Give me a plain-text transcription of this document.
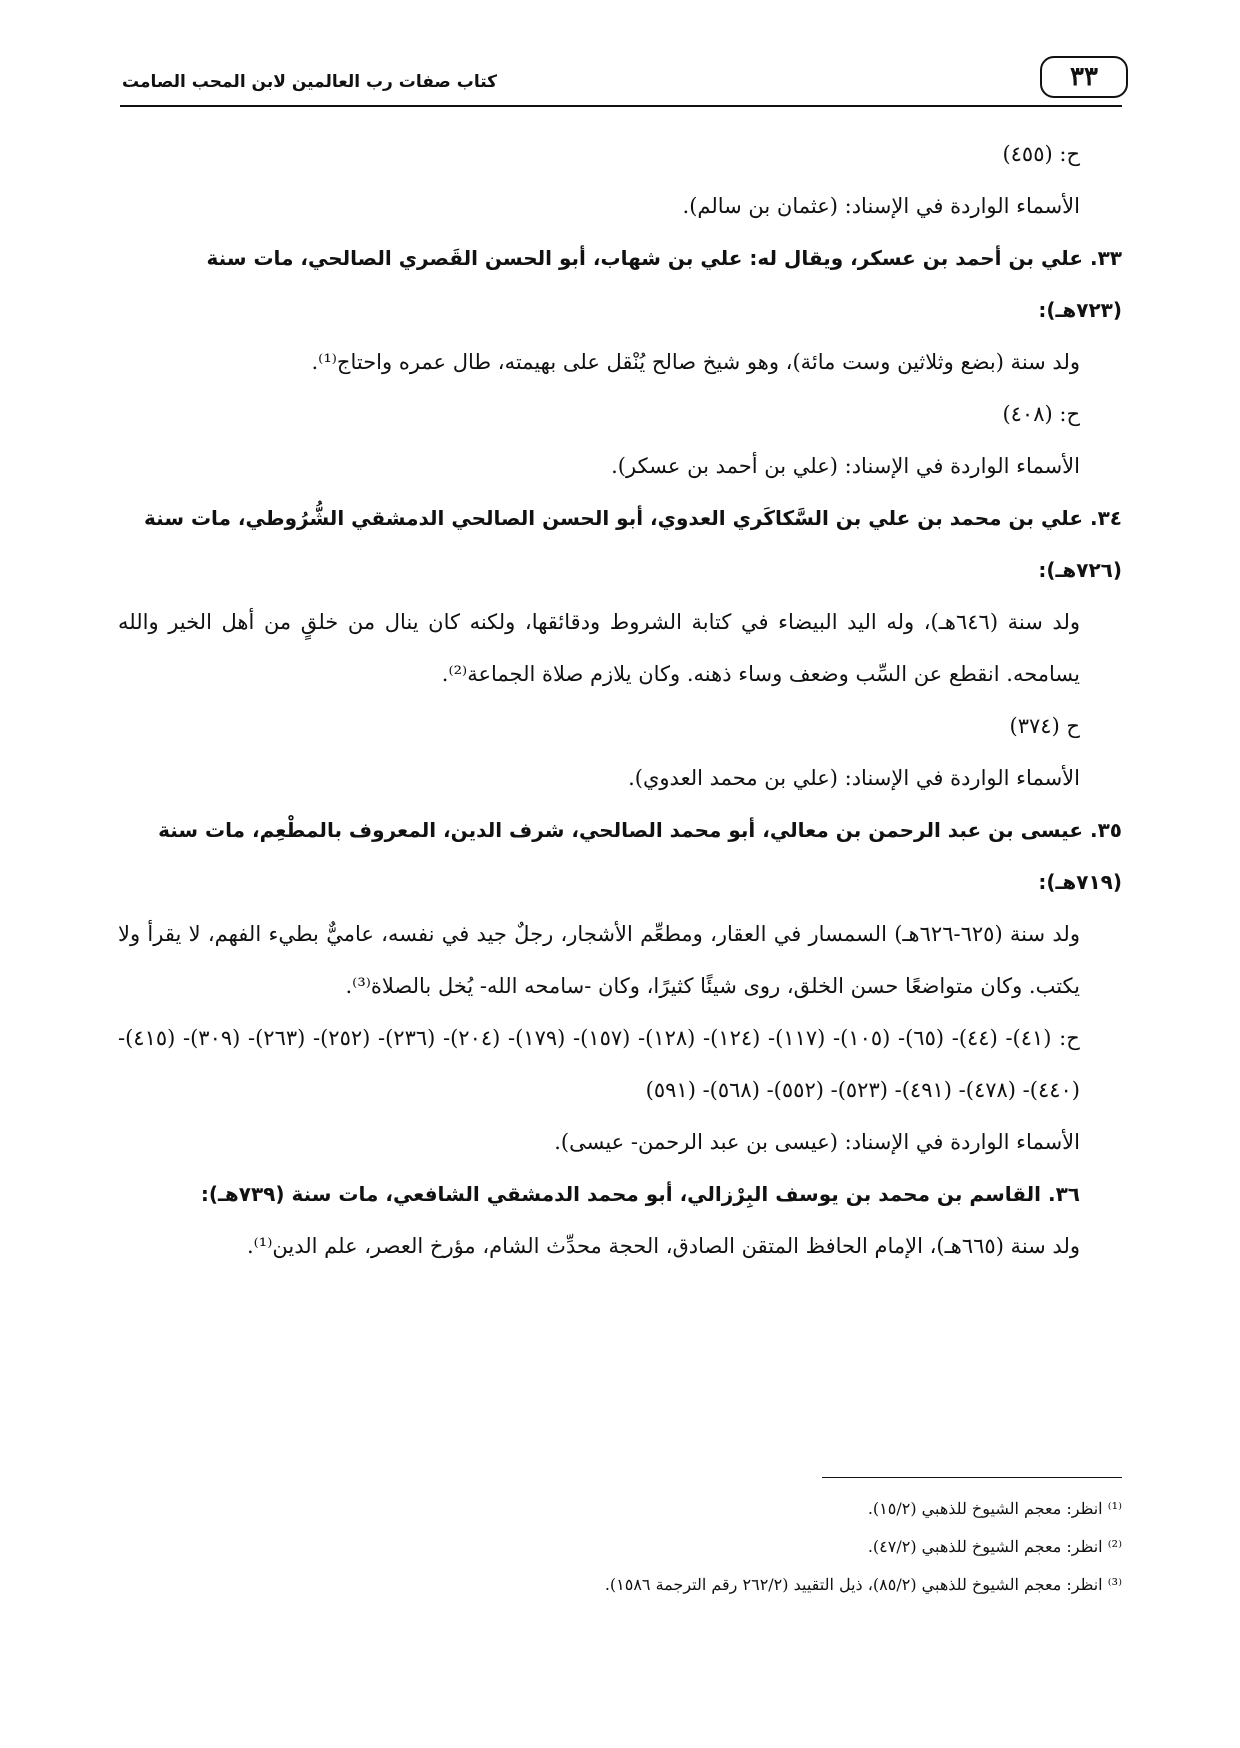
٣٣
كتاب صفات رب العالمين لابن المحب الصامت

ح: (٤٥٥)

الأسماء الواردة في الإسناد: (عثمان بن سالم).

٣٣. علي بن أحمد بن عسكر، ويقال له: علي بن شهاب، أبو الحسن القَصري الصالحي، مات سنة (٧٢٣هـ):

ولد سنة (بضع وثلاثين وست مائة)، وهو شيخ صالح يُنْقل على بهيمته، طال عمره واحتاج⁽¹⁾.

ح: (٤٠٨)

الأسماء الواردة في الإسناد: (علي بن أحمد بن عسكر).

٣٤. علي بن محمد بن علي بن السَّكاكَري العدوي، أبو الحسن الصالحي الدمشقي الشُّرُوطي، مات سنة (٧٢٦هـ):

ولد سنة (٦٤٦هـ)، وله اليد البيضاء في كتابة الشروط ودقائقها، ولكنه كان ينال من خلقٍ من أهل الخير والله يسامحه. انقطع عن السِّب وضعف وساء ذهنه. وكان يلازم صلاة الجماعة⁽²⁾.

ح (٣٧٤)

الأسماء الواردة في الإسناد: (علي بن محمد العدوي).

٣٥. عيسى بن عبد الرحمن بن معالي، أبو محمد الصالحي، شرف الدين، المعروف بالمطْعِم، مات سنة (٧١٩هـ):

ولد سنة (٦٢٥-٦٢٦هـ) السمسار في العقار، ومطعِّم الأشجار، رجلٌ جيد في نفسه، عاميٌّ بطيء الفهم، لا يقرأ ولا يكتب. وكان متواضعًا حسن الخلق، روى شيئًا كثيرًا، وكان -سامحه الله- يُخل بالصلاة⁽³⁾.

ح: (٤١)- (٤٤)- (٦٥)- (١٠٥)- (١١٧)- (١٢٤)- (١٢٨)- (١٥٧)- (١٧٩)- (٢٠٤)- (٢٣٦)- (٢٥٢)- (٢٦٣)- (٣٠٩)- (٤١٥)- (٤٤٠)- (٤٧٨)- (٤٩١)- (٥٢٣)- (٥٥٢)- (٥٦٨)- (٥٩١)

الأسماء الواردة في الإسناد: (عيسى بن عبد الرحمن- عيسى).

٣٦. القاسم بن محمد بن يوسف البِرْزالي، أبو محمد الدمشقي الشافعي، مات سنة (٧٣٩هـ):

ولد سنة (٦٦٥هـ)، الإمام الحافظ المتقن الصادق، الحجة محدِّث الشام، مؤرخ العصر، علم الدين⁽¹⁾.

⁽¹⁾ انظر: معجم الشيوخ للذهبي (١٥/٢).

⁽²⁾ انظر: معجم الشيوخ للذهبي (٤٧/٢).

⁽³⁾ انظر: معجم الشيوخ للذهبي (٨٥/٢)، ذيل التقييد (٢٦٢/٢ رقم الترجمة ١٥٨٦).
